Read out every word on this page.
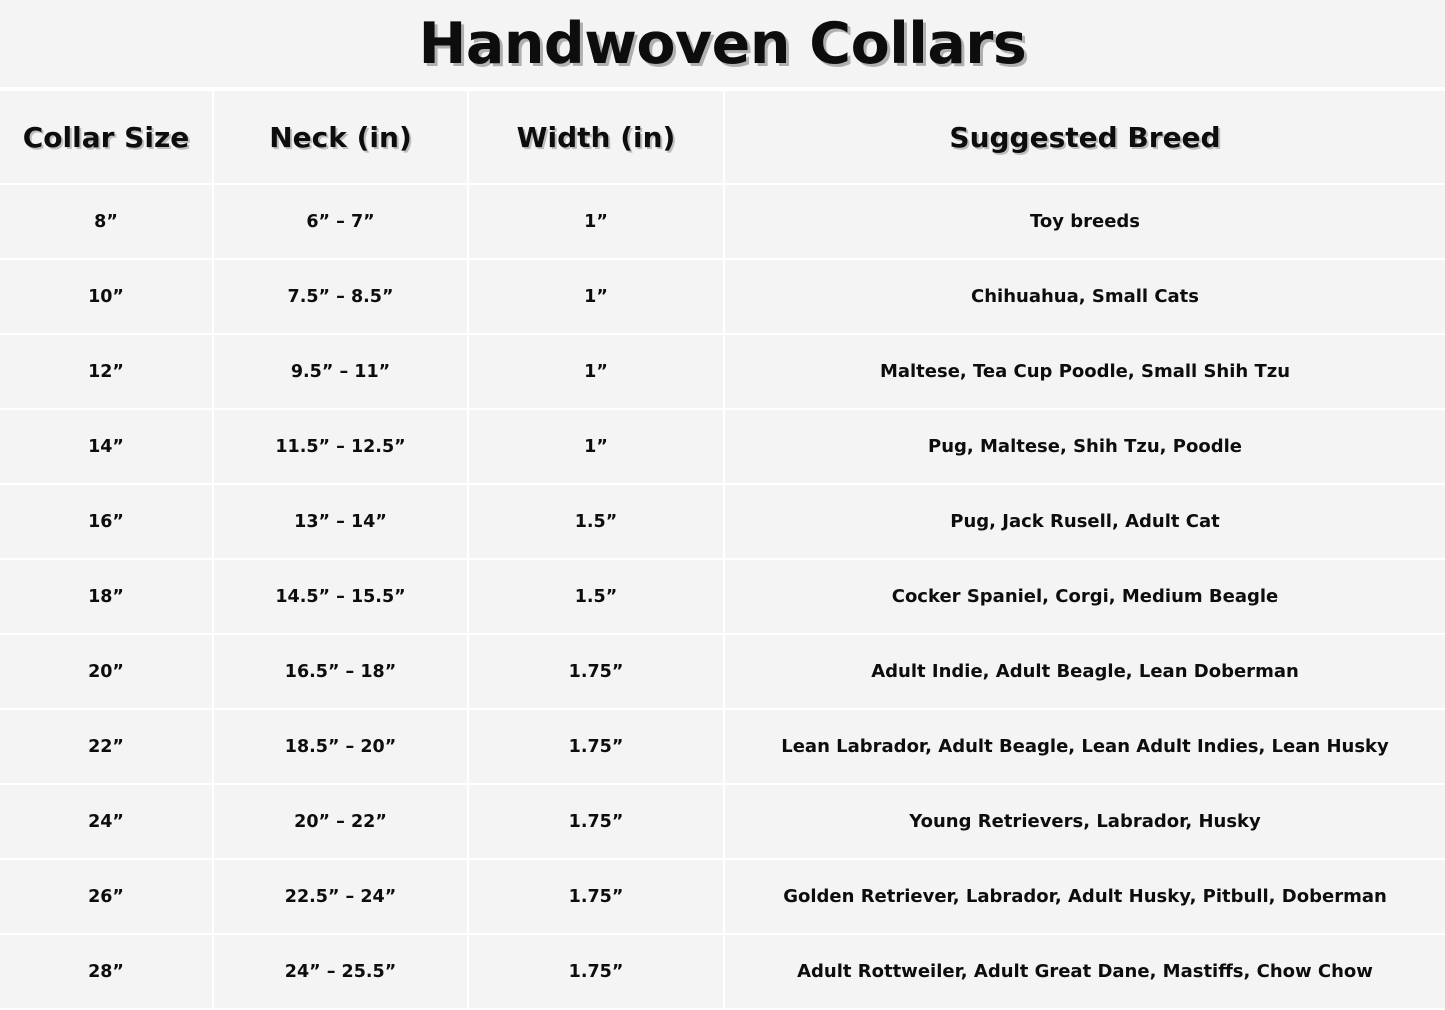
Handwoven Collars
Collar Size	Neck (in)	Width (in)	Suggested Breed
8”	6” – 7”	1”	Toy breeds
10”	7.5” – 8.5”	1”	Chihuahua, Small Cats
12”	9.5” – 11”	1”	Maltese, Tea Cup Poodle, Small Shih Tzu
14”	11.5” – 12.5”	1”	Pug, Maltese, Shih Tzu, Poodle
16”	13” – 14”	1.5”	Pug, Jack Rusell, Adult Cat
18”	14.5” – 15.5”	1.5”	Cocker Spaniel, Corgi, Medium Beagle
20”	16.5” – 18”	1.75”	Adult Indie, Adult Beagle, Lean Doberman
22”	18.5” – 20”	1.75”	Lean Labrador, Adult Beagle, Lean Adult Indies, Lean Husky
24”	20” – 22”	1.75”	Young Retrievers, Labrador, Husky
26”	22.5” – 24”	1.75”	Golden Retriever, Labrador, Adult Husky, Pitbull, Doberman
28”	24” – 25.5”	1.75”	Adult Rottweiler, Adult Great Dane, Mastiffs, Chow Chow
